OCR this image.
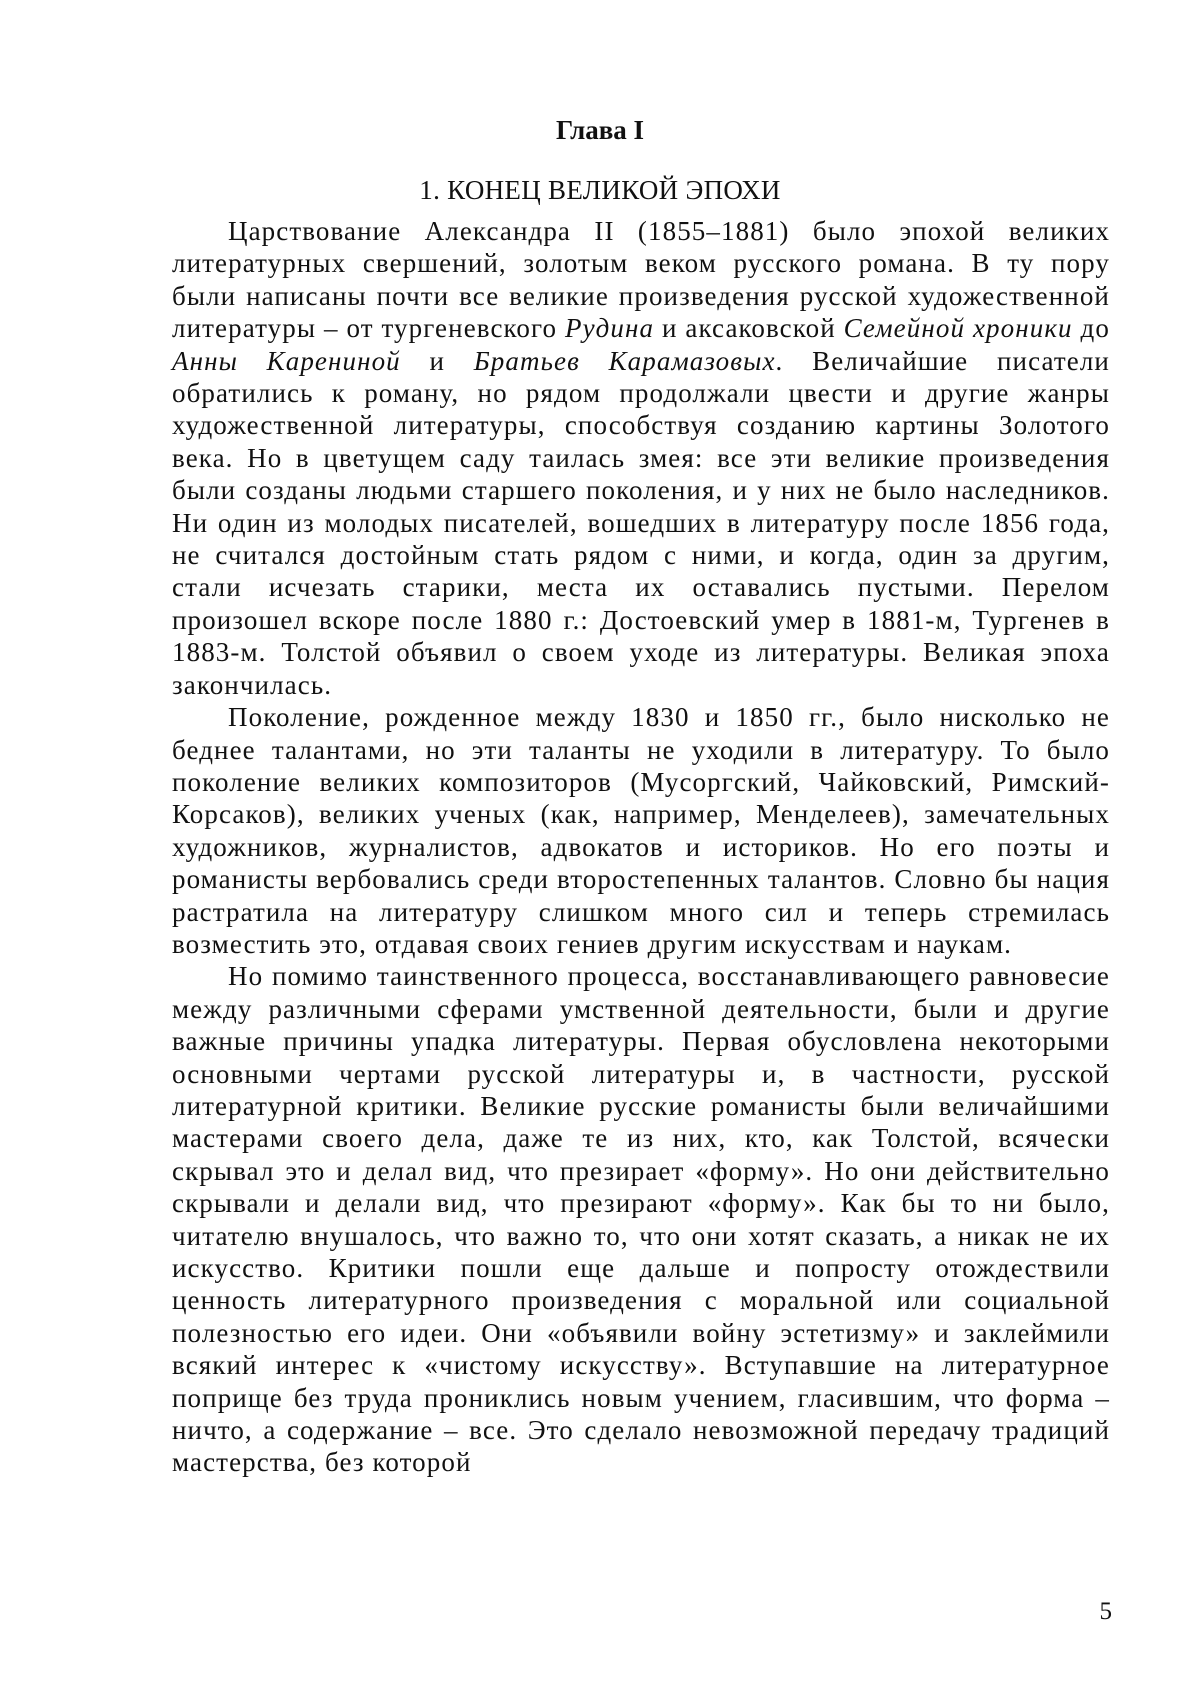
Глава I
1. КОНЕЦ ВЕЛИКОЙ ЭПОХИ

Царствование Александра II (1855–1881) было эпохой великих литературных свершений, золотым веком русского романа. В ту пору были написаны почти все великие произведения русской художественной литературы – от тургеневского Рудина и аксаковской Семейной хроники до Анны Карениной и Братьев Карамазовых. Величайшие писатели обратились к роману, но рядом продолжали цвести и другие жанры художественной литературы, способствуя созданию картины Золотого века. Но в цветущем саду таилась змея: все эти великие произведения были созданы людьми старшего поколения, и у них не было наследников. Ни один из молодых писателей, вошедших в литературу после 1856 года, не считался достойным стать рядом с ними, и когда, один за другим, стали исчезать старики, места их оставались пустыми. Перелом произошел вскоре после 1880 г.: Достоевский умер в 1881-м, Тургенев в 1883-м. Толстой объявил о своем уходе из литературы. Великая эпоха закончилась.

Поколение, рожденное между 1830 и 1850 гг., было нисколько не беднее талантами, но эти таланты не уходили в литературу. То было поколение великих композиторов (Мусоргский, Чайковский, Римский-Корсаков), великих ученых (как, например, Менделеев), замечательных художников, журналистов, адвокатов и историков. Но его поэты и романисты вербовались среди второстепенных талантов. Словно бы нация растратила на литературу слишком много сил и теперь стремилась возместить это, отдавая своих гениев другим искусствам и наукам.

Но помимо таинственного процесса, восстанавливающего равновесие между различными сферами умственной деятельности, были и другие важные причины упадка литературы. Первая обусловлена некоторыми основными чертами русской литературы и, в частности, русской литературной критики. Великие русские романисты были величайшими мастерами своего дела, даже те из них, кто, как Толстой, всячески скрывал это и делал вид, что презирает «форму». Но они действительно скрывали и делали вид, что презирают «форму». Как бы то ни было, читателю внушалось, что важно то, что они хотят сказать, а никак не их искусство. Критики пошли еще дальше и попросту отождествили ценность литературного произведения с моральной или социальной полезностью его идеи. Они «объявили войну эстетизму» и заклеймили всякий интерес к «чистому искусству». Вступавшие на литературное поприще без труда прониклись новым учением, гласившим, что форма – ничто, а содержание – все. Это сделало невозможной передачу традиций мастерства, без которой

5
